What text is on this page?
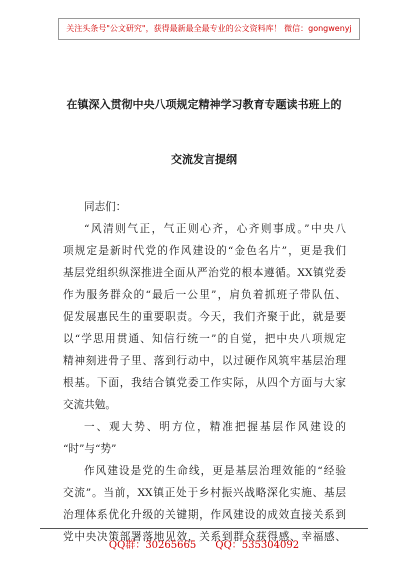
关注头条号"公文研究"，获得最新最全最专业的公文资料库！ 微信：gongwenyj
在镇深入贯彻中央八项规定精神学习教育专题读书班上的
交流发言提纲
同志们：
“风清则气正，气正则心齐，心齐则事成。”中央八
项规定是新时代党的作风建设的“金色名片”，更是我们
基层党组织纵深推进全面从严治党的根本遵循。XX镇党委
作为服务群众的“最后一公里”，肩负着抓班子带队伍、
促发展惠民生的重要职责。今天，我们齐聚于此，就是要
以“学思用贯通、知信行统一”的自觉，把中央八项规定
精神刻进骨子里、落到行动中，以过硬作风筑牢基层治理
根基。下面，我结合镇党委工作实际，从四个方面与大家
交流共勉。
一、观大势、明方位，精准把握基层作风建设的
“时”与“势”
作风建设是党的生命线，更是基层治理效能的“经验
交流”。当前，XX镇正处于乡村振兴战略深化实施、基层
治理体系优化升级的关键期，作风建设的成效直接关系到
党中央决策部署落地见效，关系到群众获得感、幸福感、
QQ群：30265665 QQ：535304092
